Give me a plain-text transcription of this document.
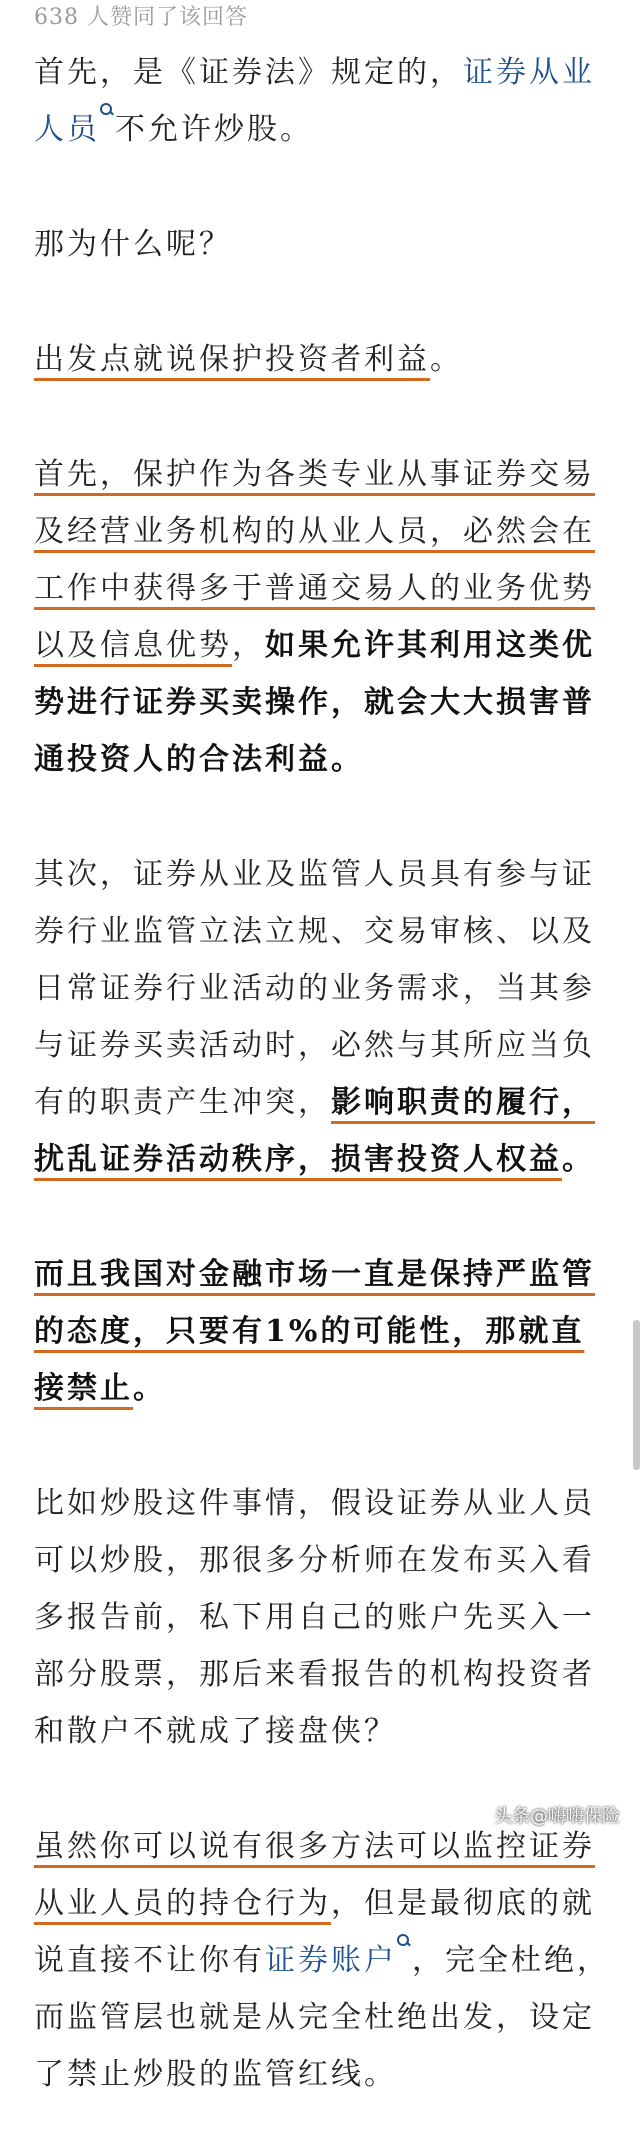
638 人赞同了该回答

首先，是《证券法》规定的，证券从业人员 不允许炒股。

那为什么呢？

出发点就说保护投资者利益。

首先，保护作为各类专业从事证券交易及经营业务机构的从业人员，必然会在工作中获得多于普通交易人的业务优势以及信息优势，如果允许其利用这类优势进行证券买卖操作，就会大大损害普通投资人的合法利益。

其次，证券从业及监管人员具有参与证券行业监管立法立规、交易审核、以及日常证券行业活动的业务需求，当其参与证券买卖活动时，必然与其所应当负有的职责产生冲突，影响职责的履行，扰乱证券活动秩序，损害投资人权益。

而且我国对金融市场一直是保持严监管的态度，只要有1%的可能性，那就直接禁止。

比如炒股这件事情，假设证券从业人员可以炒股，那很多分析师在发布买入看多报告前，私下用自己的账户先买入一部分股票，那后来看报告的机构投资者和散户不就成了接盘侠？

虽然你可以说有很多方法可以监控证券从业人员的持仓行为，但是最彻底的就说直接不让你有证券账户 ，完全杜绝，而监管层也就是从完全杜绝出发，设定了禁止炒股的监管红线。

头条@嗨嗨保险
